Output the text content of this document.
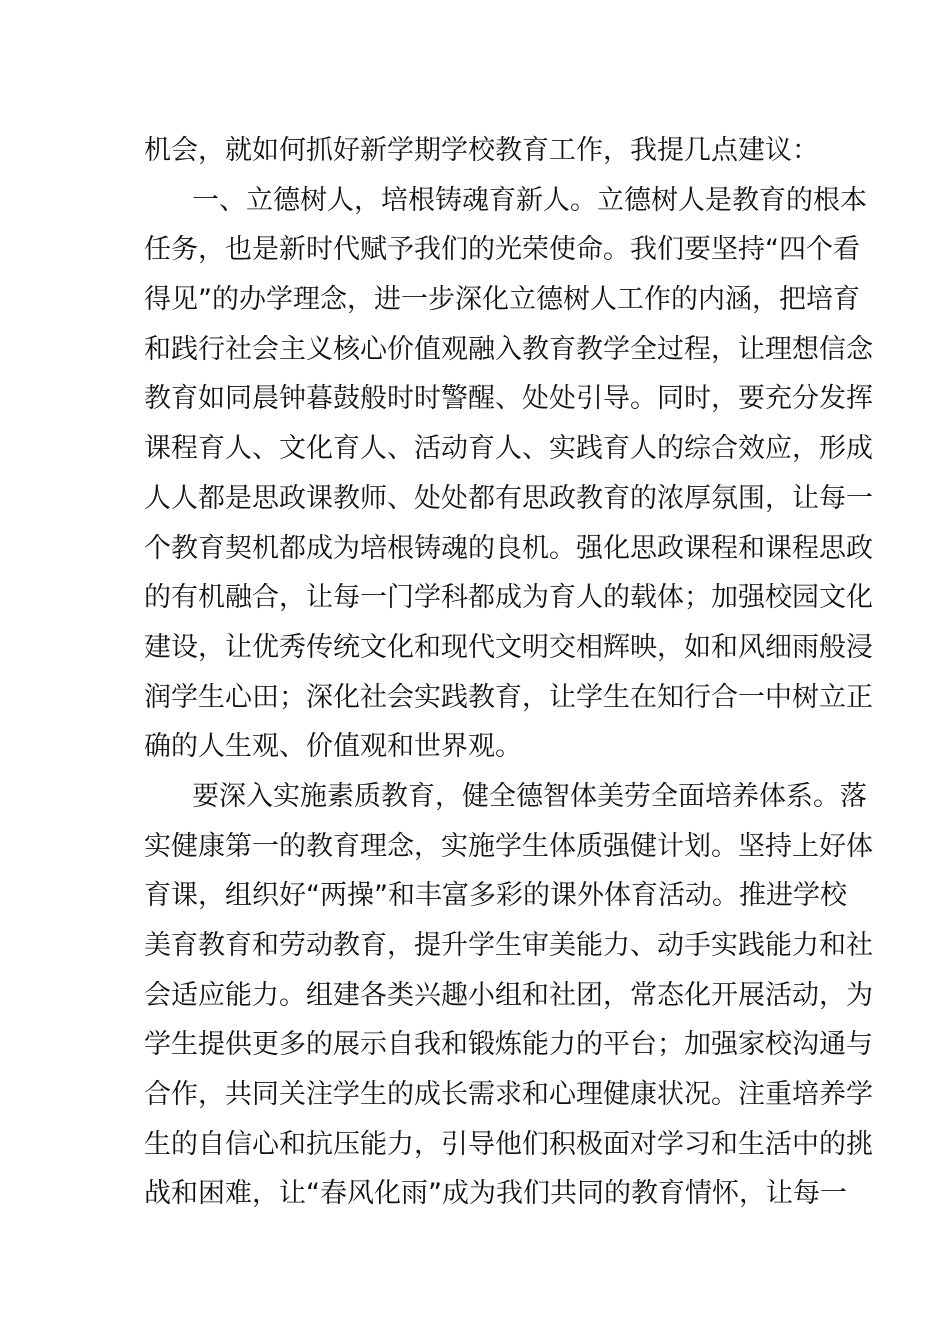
机会，就如何抓好新学期学校教育工作，我提几点建议：
一、立德树人，培根铸魂育新人。立德树人是教育的根本
任务，也是新时代赋予我们的光荣使命。我们要坚持“四个看
得见”的办学理念，进一步深化立德树人工作的内涵，把培育
和践行社会主义核心价值观融入教育教学全过程，让理想信念
教育如同晨钟暮鼓般时时警醒、处处引导。同时，要充分发挥
课程育人、文化育人、活动育人、实践育人的综合效应，形成
人人都是思政课教师、处处都有思政教育的浓厚氛围，让每一
个教育契机都成为培根铸魂的良机。强化思政课程和课程思政
的有机融合，让每一门学科都成为育人的载体；加强校园文化
建设，让优秀传统文化和现代文明交相辉映，如和风细雨般浸
润学生心田；深化社会实践教育，让学生在知行合一中树立正
确的人生观、价值观和世界观。
要深入实施素质教育，健全德智体美劳全面培养体系。落
实健康第一的教育理念，实施学生体质强健计划。坚持上好体
育课，组织好“两操”和丰富多彩的课外体育活动。推进学校
美育教育和劳动教育，提升学生审美能力、动手实践能力和社
会适应能力。组建各类兴趣小组和社团，常态化开展活动，为
学生提供更多的展示自我和锻炼能力的平台；加强家校沟通与
合作，共同关注学生的成长需求和心理健康状况。注重培养学
生的自信心和抗压能力，引导他们积极面对学习和生活中的挑
战和困难，让“春风化雨”成为我们共同的教育情怀，让每一
